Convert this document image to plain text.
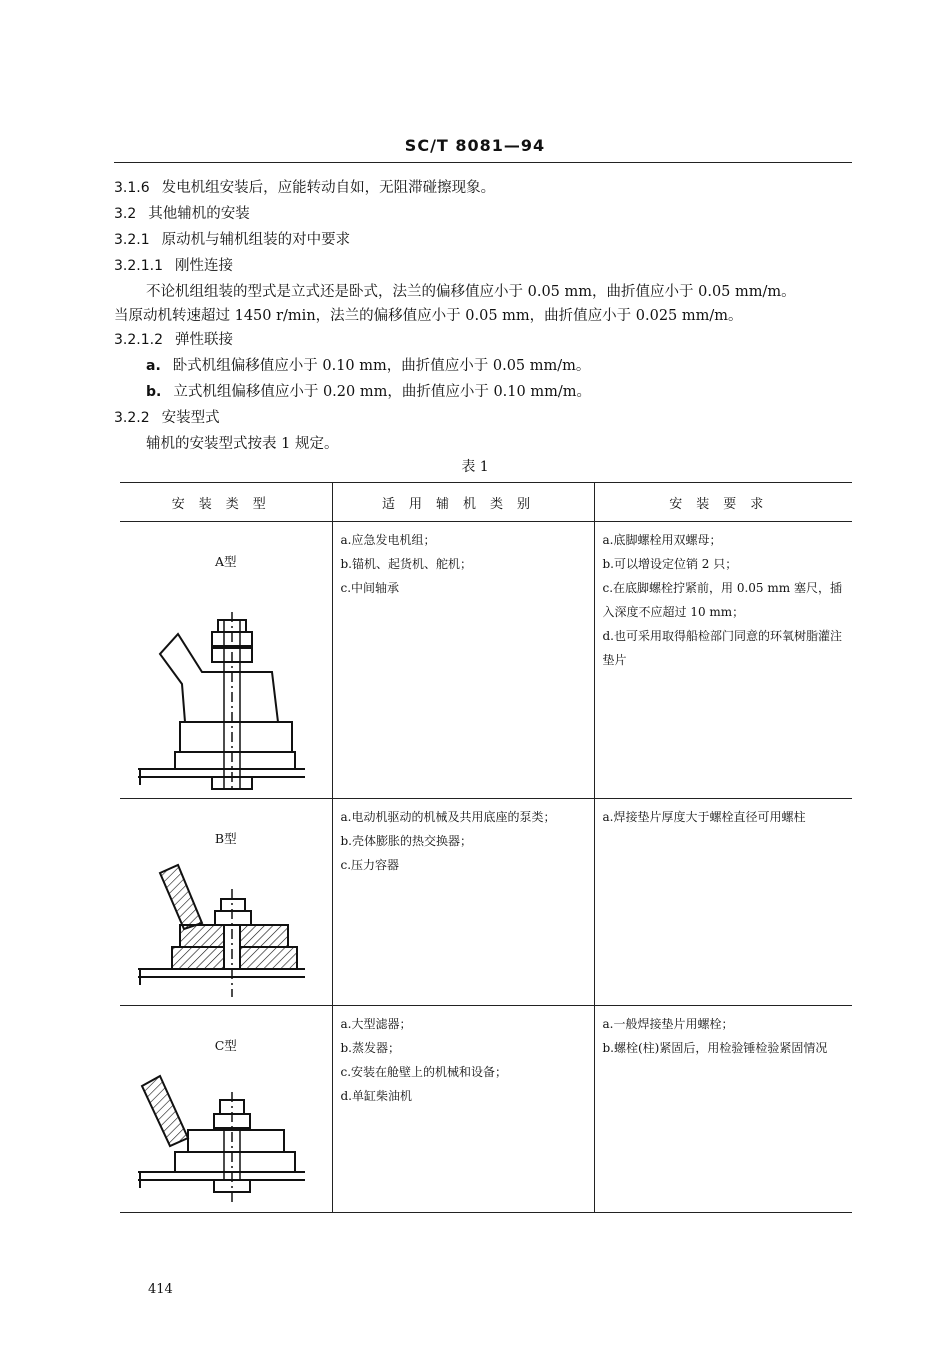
SC/T 8081—94
3.1.6 发电机组安装后，应能转动自如，无阻滞碰擦现象。
3.2 其他辅机的安装
3.2.1 原动机与辅机组装的对中要求
3.2.1.1 刚性连接
不论机组组装的型式是立式还是卧式，法兰的偏移值应小于 0.05 mm，曲折值应小于 0.05 mm/m。
当原动机转速超过 1450 r/min，法兰的偏移值应小于 0.05 mm，曲折值应小于 0.025 mm/m。
3.2.1.2 弹性联接
a. 卧式机组偏移值应小于 0.10 mm，曲折值应小于 0.05 mm/m。
b. 立式机组偏移值应小于 0.20 mm，曲折值应小于 0.10 mm/m。
3.2.2 安装型式
辅机的安装型式按表 1 规定。
表 1
安装类型	适用辅机类别	安装要求

A型	a.应急发电机组；
b.锚机、起货机、舵机；
c.中间轴承	a.底脚螺栓用双螺母；
b.可以增设定位销 2 只；
c.在底脚螺栓拧紧前，用 0.05 mm 塞尺，插入深度不应超过 10 mm；
d.也可采用取得船检部门同意的环氧树脂灌注垫片

B型	a.电动机驱动的机械及共用底座的泵类；
b.壳体膨胀的热交换器；
c.压力容器	a.焊接垫片厚度大于螺栓直径可用螺柱

C型	a.大型滤器；
b.蒸发器；
c.安装在舱壁上的机械和设备；
d.单缸柴油机	a.一般焊接垫片用螺栓；
b.螺栓(柱)紧固后，用检验锤检验紧固情况
414
